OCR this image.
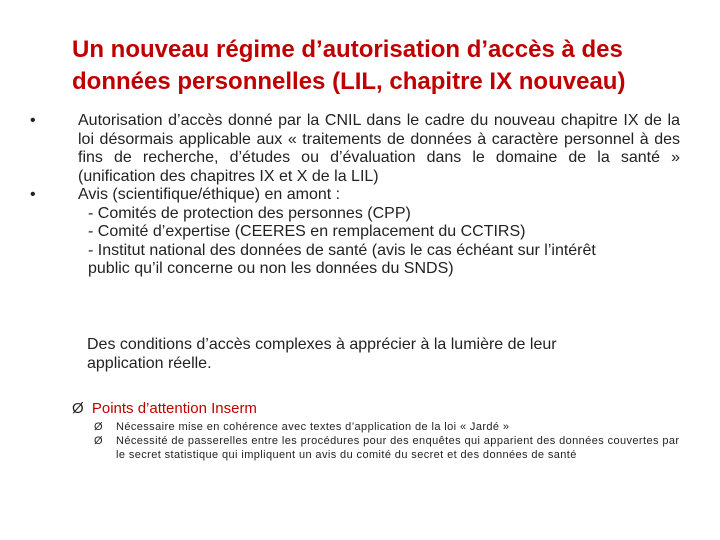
Un nouveau régime d’autorisation d’accès à des
données personnelles (LIL, chapitre IX nouveau)
•	Autorisation d’accès donné par la CNIL dans le cadre du nouveau chapitre IX de la loi désormais applicable aux « traitements de données à caractère personnel à des fins de recherche, d’études ou d’évaluation dans le domaine de la santé » (unification des chapitres IX et X de la LIL)
•	Avis (scientifique/éthique) en amont :
- Comités de protection des personnes (CPP)
- Comité d’expertise (CEERES en remplacement du CCTIRS)
- Institut national des données de santé (avis le cas échéant sur l’intérêt
public qu’il concerne ou non les données du SNDS)
Des conditions d’accès complexes à apprécier à la lumière de leur
application réelle.
Ø Points d’attention Inserm
Ø Nécessaire mise en cohérence avec textes d’application de la loi « Jardé »
Ø Nécessité de passerelles entre les procédures pour des enquêtes qui apparient des données couvertes par le secret statistique qui impliquent un avis du comité du secret et des données de santé
